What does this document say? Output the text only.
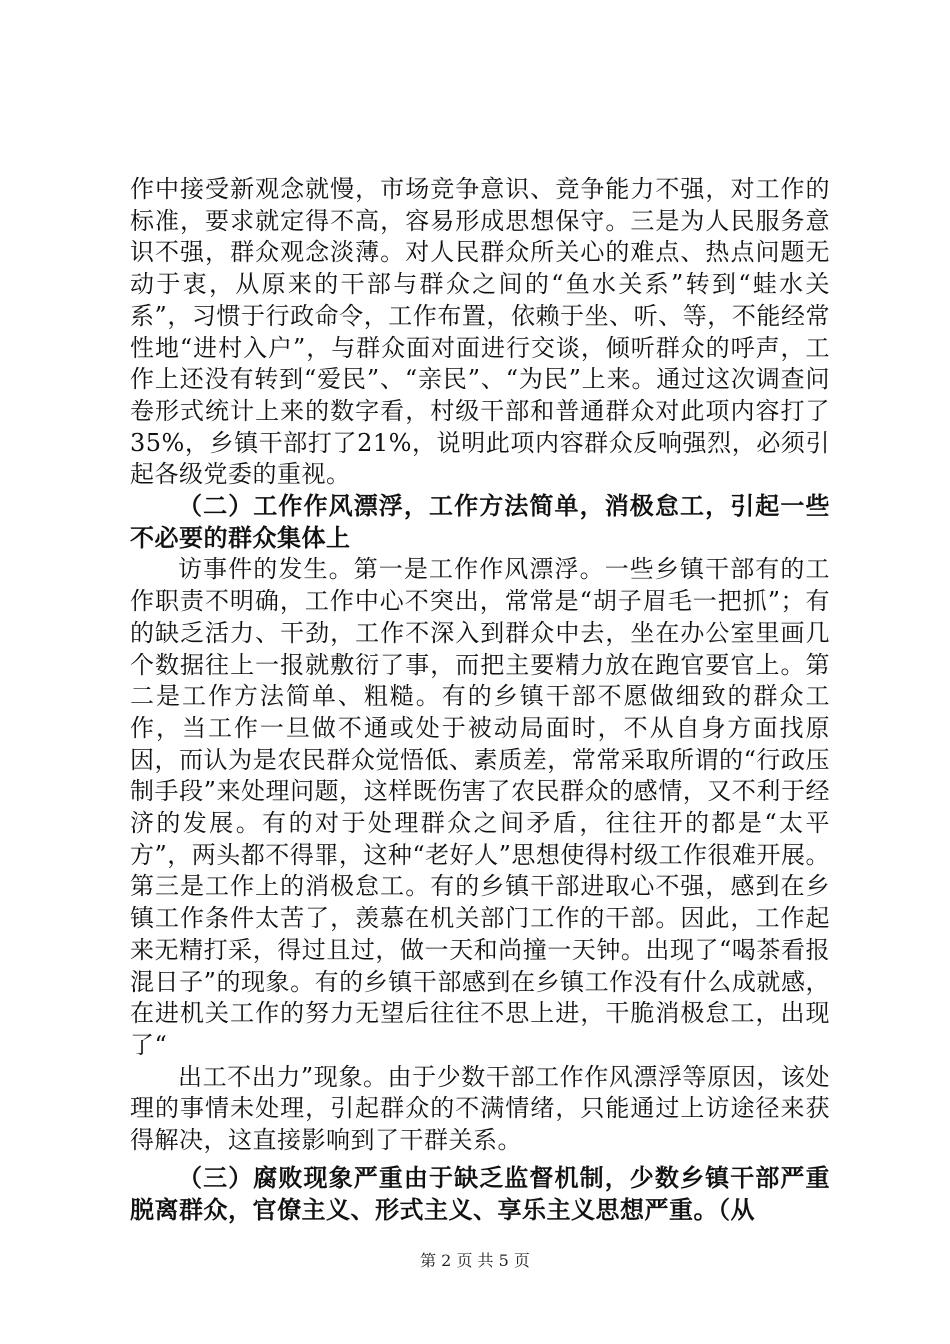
作中接受新观念就慢，市场竞争意识、竞争能力不强，对工作的标准，要求就定得不高，容易形成思想保守。三是为人民服务意识不强，群众观念淡薄。对人民群众所关心的难点、热点问题无动于衷，从原来的干部与群众之间的“鱼水关系”转到“蛙水关系”，习惯于行政命令，工作布置，依赖于坐、听、等，不能经常性地“进村入户”，与群众面对面进行交谈，倾听群众的呼声，工作上还没有转到“爱民”、“亲民”、“为民”上来。通过这次调查问卷形式统计上来的数字看，村级干部和普通群众对此项内容打了35%，乡镇干部打了21%，说明此项内容群众反响强烈，必须引起各级党委的重视。

（二）工作作风漂浮，工作方法简单，消极怠工，引起一些不必要的群众集体上

访事件的发生。第一是工作作风漂浮。一些乡镇干部有的工作职责不明确，工作中心不突出，常常是“胡子眉毛一把抓”；有的缺乏活力、干劲，工作不深入到群众中去，坐在办公室里画几个数据往上一报就敷衍了事，而把主要精力放在跑官要官上。第二是工作方法简单、粗糙。有的乡镇干部不愿做细致的群众工作，当工作一旦做不通或处于被动局面时，不从自身方面找原因，而认为是农民群众觉悟低、素质差，常常采取所谓的“行政压制手段”来处理问题，这样既伤害了农民群众的感情，又不利于经济的发展。有的对于处理群众之间矛盾，往往开的都是“太平方”，两头都不得罪，这种“老好人”思想使得村级工作很难开展。第三是工作上的消极怠工。有的乡镇干部进取心不强，感到在乡镇工作条件太苦了，羡慕在机关部门工作的干部。因此，工作起来无精打采，得过且过，做一天和尚撞一天钟。出现了“喝茶看报混日子”的现象。有的乡镇干部感到在乡镇工作没有什么成就感，在进机关工作的努力无望后往往不思上进，干脆消极怠工，出现了“

出工不出力”现象。由于少数干部工作作风漂浮等原因，该处理的事情未处理，引起群众的不满情绪，只能通过上访途径来获得解决，这直接影响到了干群关系。

（三）腐败现象严重由于缺乏监督机制，少数乡镇干部严重脱离群众，官僚主义、形式主义、享乐主义思想严重。（从

第 2 页 共 5 页
